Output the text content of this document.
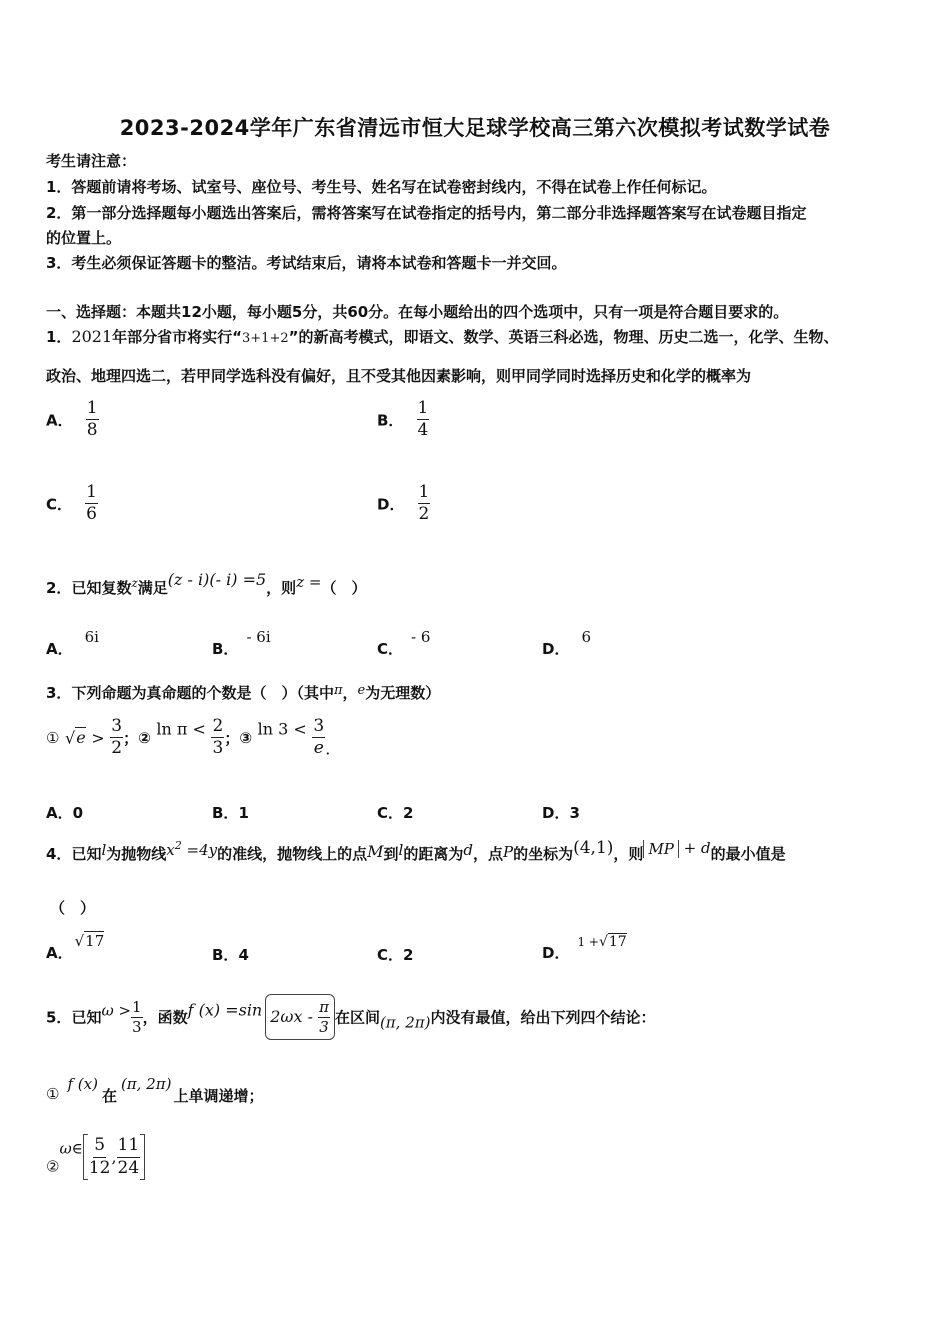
2023-2024学年广东省清远市恒大足球学校高三第六次模拟考试数学试卷
考生请注意：
1．答题前请将考场、试室号、座位号、考生号、姓名写在试卷密封线内，不得在试卷上作任何标记。
2．第一部分选择题每小题选出答案后，需将答案写在试卷指定的括号内，第二部分非选择题答案写在试卷题目指定
的位置上。
3．考生必须保证答题卡的整洁。考试结束后，请将本试卷和答题卡一并交回。
一、选择题：本题共12小题，每小题5分，共60分。在每小题给出的四个选项中，只有一项是符合题目要求的。
1．2021年部分省市将实行“3+1+2”的新高考模式，即语文、数学、英语三科必选，物理、历史二选一，化学、生物、
政治、地理四选二，若甲同学选科没有偏好，且不受其他因素影响，则甲同学同时选择历史和化学的概率为
A． $\frac{1}{8}$	B． $\frac{1}{4}$
C． $\frac{1}{6}$	D． $\frac{1}{2}$
2．已知复数$^z$满足(z - i)(- i) =5，则z =（　）
A．6i
B．- 6i
C．- 6
D．6
3．下列命题为真命题的个数是（　）（其中π，e为无理数）
① $√e > \frac{3}{2}$ ；② $\ln \pi < \frac{2}{3}$ ；③ $\ln 3 < \frac{3}{e}$ .
A．0	B．1	C．2	D．3
4．已知l为抛物线$x^2 =4y$的准线，抛物线上的点M到l的距离为d，点P的坐标为(4,1)，则 MP + d的最小值是
（　）
A．√17
B．4	C．2	D．1 +√17
5．已知$\omega > \frac{1}{3}$ ，函数f (x) =sin $2\omega x - \frac{\pi}{3}$ 在区间(π, 2π)内没有最值，给出下列四个结论：
①f (x)在(π, 2π)上单调递增；
②ω∈ $\frac{5}{12}$ , $\frac{11}{24}$
